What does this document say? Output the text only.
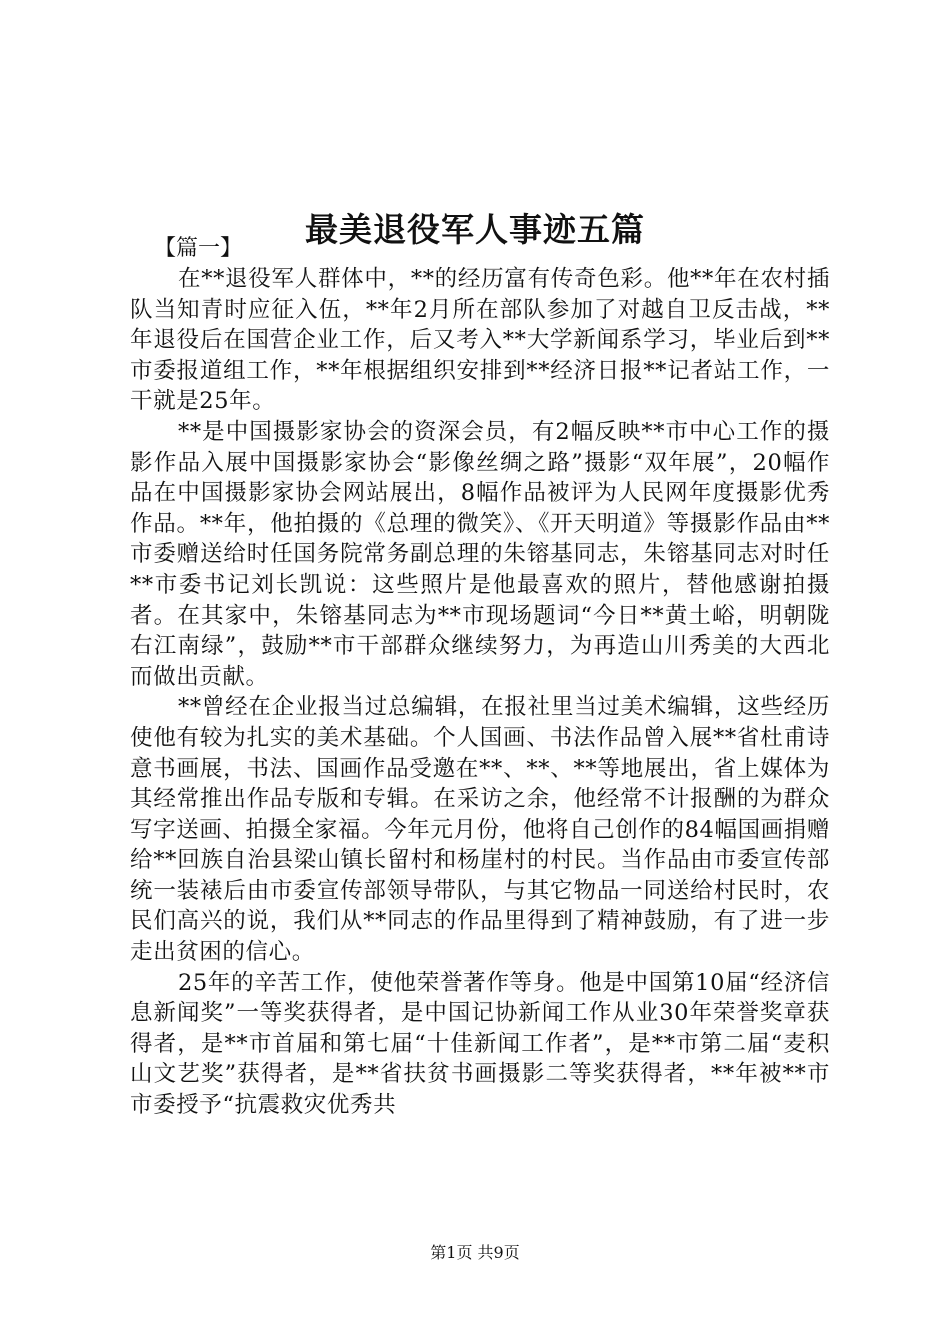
最美退役军人事迹五篇

【篇一】

在**退役军人群体中，**的经历富有传奇色彩。他**年在农村插队当知青时应征入伍，**年2月所在部队参加了对越自卫反击战，**年退役后在国营企业工作，后又考入**大学新闻系学习，毕业后到**市委报道组工作，**年根据组织安排到**经济日报**记者站工作，一干就是25年。

**是中国摄影家协会的资深会员，有2幅反映**市中心工作的摄影作品入展中国摄影家协会“影像丝绸之路”摄影“双年展”，20幅作品在中国摄影家协会网站展出，8幅作品被评为人民网年度摄影优秀作品。**年，他拍摄的《总理的微笑》、《开天明道》等摄影作品由**市委赠送给时任国务院常务副总理的朱镕基同志，朱镕基同志对时任**市委书记刘长凯说：这些照片是他最喜欢的照片，替他感谢拍摄者。在其家中，朱镕基同志为**市现场题词“今日**黄土峪，明朝陇右江南绿”，鼓励**市干部群众继续努力，为再造山川秀美的大西北而做出贡献。

**曾经在企业报当过总编辑，在报社里当过美术编辑，这些经历使他有较为扎实的美术基础。个人国画、书法作品曾入展**省杜甫诗意书画展，书法、国画作品受邀在**、**、**等地展出，省上媒体为其经常推出作品专版和专辑。在采访之余，他经常不计报酬的为群众写字送画、拍摄全家福。今年元月份，他将自己创作的84幅国画捐赠给**回族自治县梁山镇长留村和杨崖村的村民。当作品由市委宣传部统一装裱后由市委宣传部领导带队，与其它物品一同送给村民时，农民们高兴的说，我们从**同志的作品里得到了精神鼓励，有了进一步走出贫困的信心。

25年的辛苦工作，使他荣誉著作等身。他是中国第10届“经济信息新闻奖”一等奖获得者，是中国记协新闻工作从业30年荣誉奖章获得者，是**市首届和第七届“十佳新闻工作者”，是**市第二届“麦积山文艺奖”获得者，是**省扶贫书画摄影二等奖获得者，**年被**市市委授予“抗震救灾优秀共

第1页 共9页
